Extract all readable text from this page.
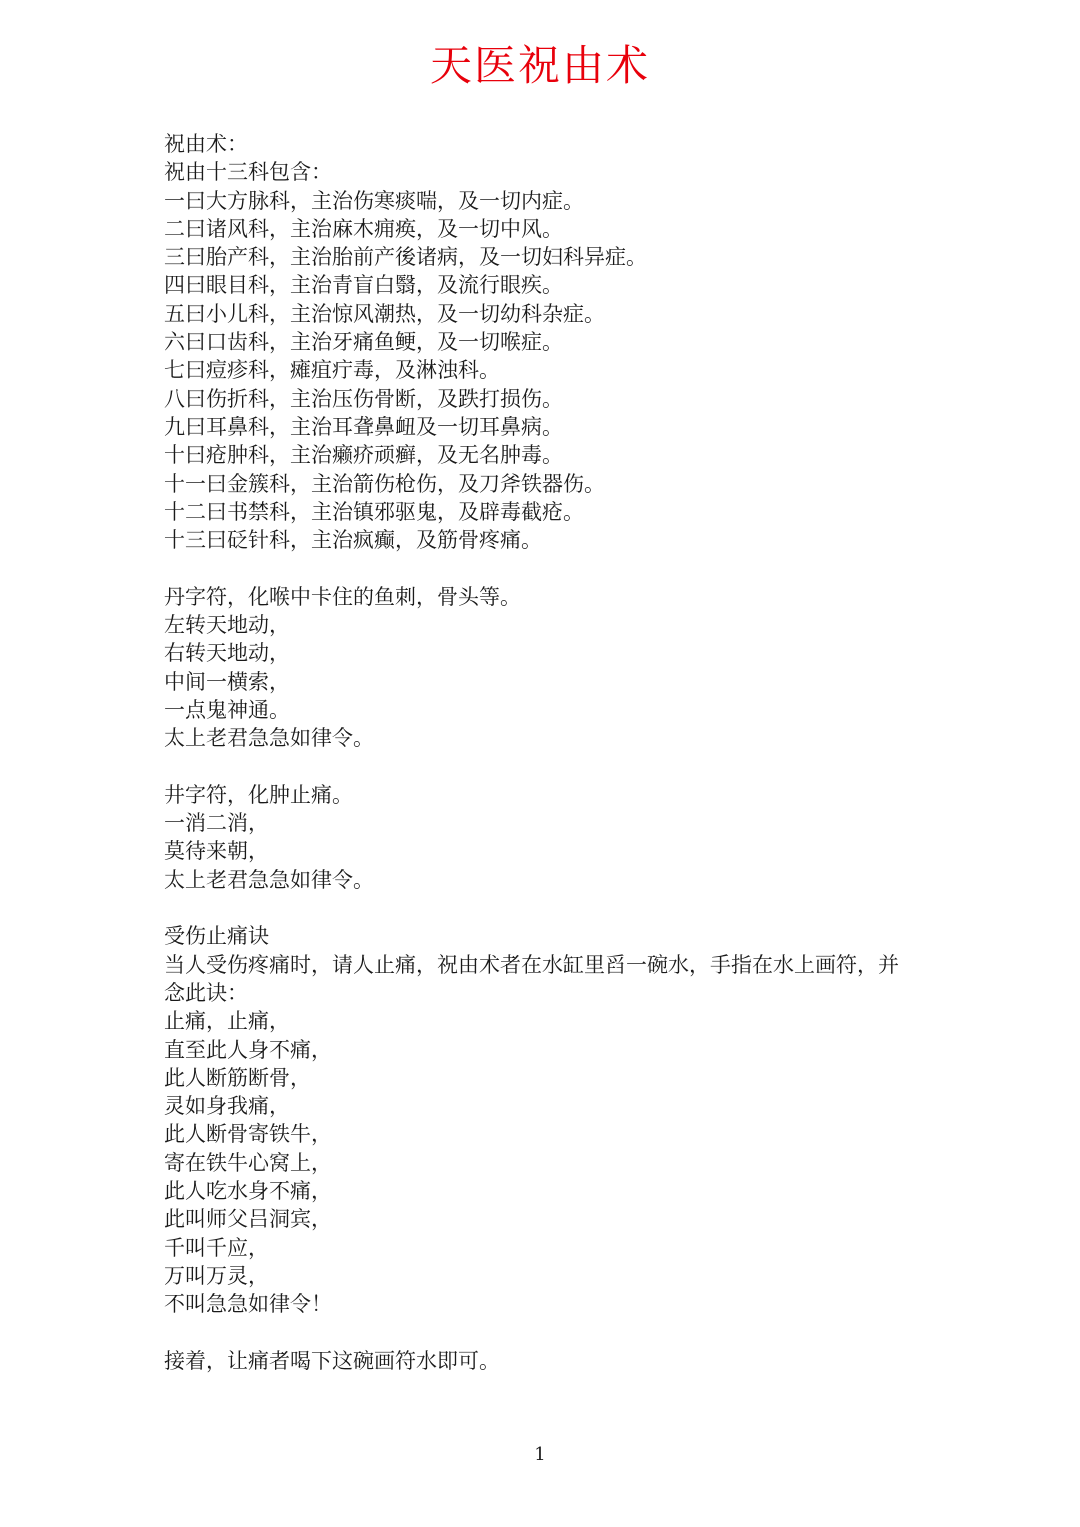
天医祝由术
祝由术：
祝由十三科包含：
一曰大方脉科，主治伤寒痰喘，及一切内症。
二曰诸风科，主治麻木痈痪，及一切中风。
三曰胎产科，主治胎前产後诸病，及一切妇科异症。
四曰眼目科，主治青盲白翳，及流行眼疾。
五曰小儿科，主治惊风潮热，及一切幼科杂症。
六曰口齿科，主治牙痛鱼鲠，及一切喉症。
七曰痘疹科，瘫疽疔毒，及淋浊科。
八曰伤折科，主治压伤骨断，及跌打损伤。
九曰耳鼻科，主治耳聋鼻衄及一切耳鼻病。
十曰疮肿科，主治癞疥顽癣，及无名肿毒。
十一曰金簇科，主治箭伤枪伤，及刀斧铁器伤。
十二曰书禁科，主治镇邪驱鬼，及辟毒截疮。
十三曰砭针科，主治疯癫，及筋骨疼痛。
丹字符，化喉中卡住的鱼刺，骨头等。
左转天地动，
右转天地动，
中间一横索，
一点鬼神通。
太上老君急急如律令。
井字符，化肿止痛。
一消二消，
莫待来朝，
太上老君急急如律令。
受伤止痛诀
当人受伤疼痛时，请人止痛，祝由术者在水缸里舀一碗水，手指在水上画符，并
念此诀：
止痛，止痛，
直至此人身不痛，
此人断筋断骨，
灵如身我痛，
此人断骨寄铁牛，
寄在铁牛心窝上，
此人吃水身不痛，
此叫师父吕洞宾，
千叫千应，
万叫万灵，
不叫急急如律令！
接着，让痛者喝下这碗画符水即可。
1
